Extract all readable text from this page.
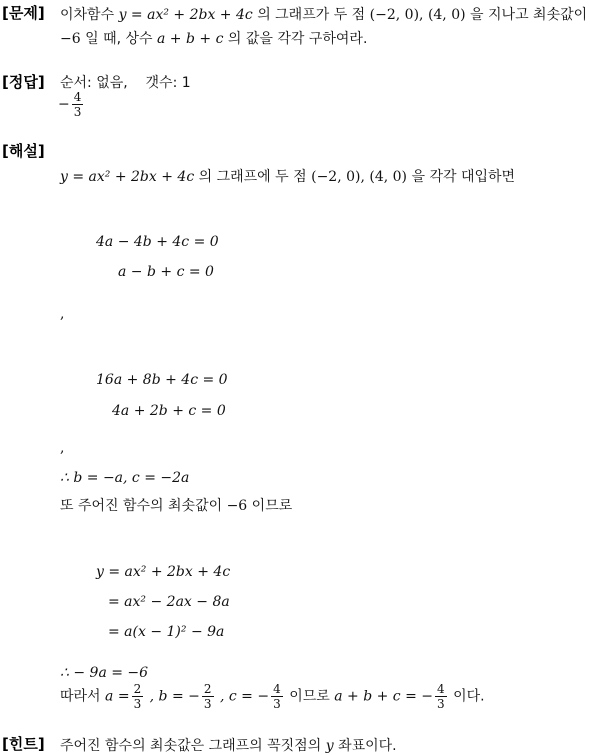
[문제] 이차함수 y = ax² + 2bx + 4c 의 그래프가 두 점 (−2, 0), (4, 0) 을 지나고 최솟값이
−6 일 때, 상수 a + b + c 의 값을 각각 구하여라.
[정답] 순서: 없음, 갯수: 1
− $\frac{4}{3}$
[해설]
y = ax² + 2bx + 4c 의 그래프에 두 점 (−2, 0), (4, 0) 을 각각 대입하면
4a − 4b + 4c = 0
a − b + c = 0
,
16a + 8b + 4c = 0
4a + 2b + c = 0
,
∴ b = −a, c = −2a
또 주어진 함수의 최솟값이 −6 이므로
y = ax² + 2bx + 4c
= ax² − 2ax − 8a
= a(x − 1)² − 9a
∴ − 9a = −6
따라서 $a = \frac{2}{3}$ , b = − $\frac{2}{3}$ , c = − $\frac{4}{3}$ 이므로 a + b + c = − $\frac{4}{3}$ 이다.
[힌트] 주어진 함수의 최솟값은 그래프의 꼭짓점의 y 좌표이다.
